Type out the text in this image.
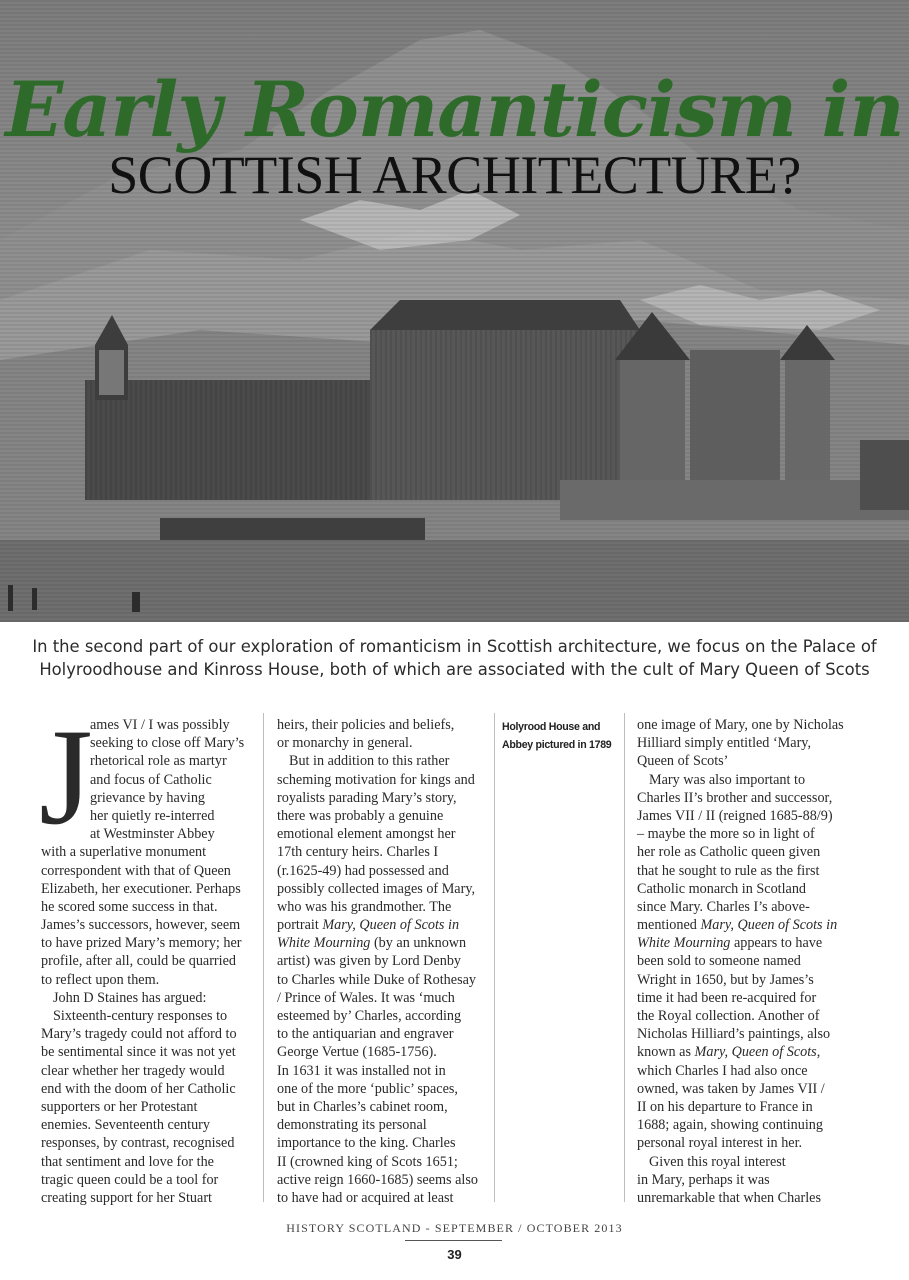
Early Romanticism in
SCOTTISH ARCHITECTURE?

In the second part of our exploration of romanticism in Scottish architecture, we focus on the Palace of Holyroodhouse and Kinross House, both of which are associated with the cult of Mary Queen of Scots

J
ames VI / I was possibly
seeking to close off Mary’s
rhetorical role as martyr
and focus of Catholic
grievance by having
her quietly re-interred
at Westminster Abbey
with a superlative monument
correspondent with that of Queen
Elizabeth, her executioner. Perhaps
he scored some success in that.
James’s successors, however, seem
to have prized Mary’s memory; her
profile, after all, could be quarried
to reflect upon them.
John D Staines has argued:
Sixteenth-century responses to
Mary’s tragedy could not afford to
be sentimental since it was not yet
clear whether her tragedy would
end with the doom of her Catholic
supporters or her Protestant
enemies. Seventeenth century
responses, by contrast, recognised
that sentiment and love for the
tragic queen could be a tool for
creating support for her Stuart
heirs, their policies and beliefs,
or monarchy in general.
But in addition to this rather
scheming motivation for kings and
royalists parading Mary’s story,
there was probably a genuine
emotional element amongst her
17th century heirs. Charles I
(r.1625-49) had possessed and
possibly collected images of Mary,
who was his grandmother. The
portrait Mary, Queen of Scots in
White Mourning (by an unknown
artist) was given by Lord Denby
to Charles while Duke of Rothesay
/ Prince of Wales. It was ‘much
esteemed by’ Charles, according
to the antiquarian and engraver
George Vertue (1685-1756).
In 1631 it was installed not in
one of the more ‘public’ spaces,
but in Charles’s cabinet room,
demonstrating its personal
importance to the king. Charles
II (crowned king of Scots 1651;
active reign 1660-1685) seems also
to have had or acquired at least
Holyrood House and
Abbey pictured in 1789
one image of Mary, one by Nicholas
Hilliard simply entitled ‘Mary,
Queen of Scots’
Mary was also important to
Charles II’s brother and successor,
James VII / II (reigned 1685-88/9)
– maybe the more so in light of
her role as Catholic queen given
that he sought to rule as the first
Catholic monarch in Scotland
since Mary. Charles I’s above-
mentioned Mary, Queen of Scots in
White Mourning appears to have
been sold to someone named
Wright in 1650, but by James’s
time it had been re-acquired for
the Royal collection. Another of
Nicholas Hilliard’s paintings, also
known as Mary, Queen of Scots,
which Charles I had also once
owned, was taken by James VII /
II on his departure to France in
1688; again, showing continuing
personal royal interest in her.
Given this royal interest
in Mary, perhaps it was
unremarkable that when Charles
HISTORY SCOTLAND - SEPTEMBER / OCTOBER 2013
39
